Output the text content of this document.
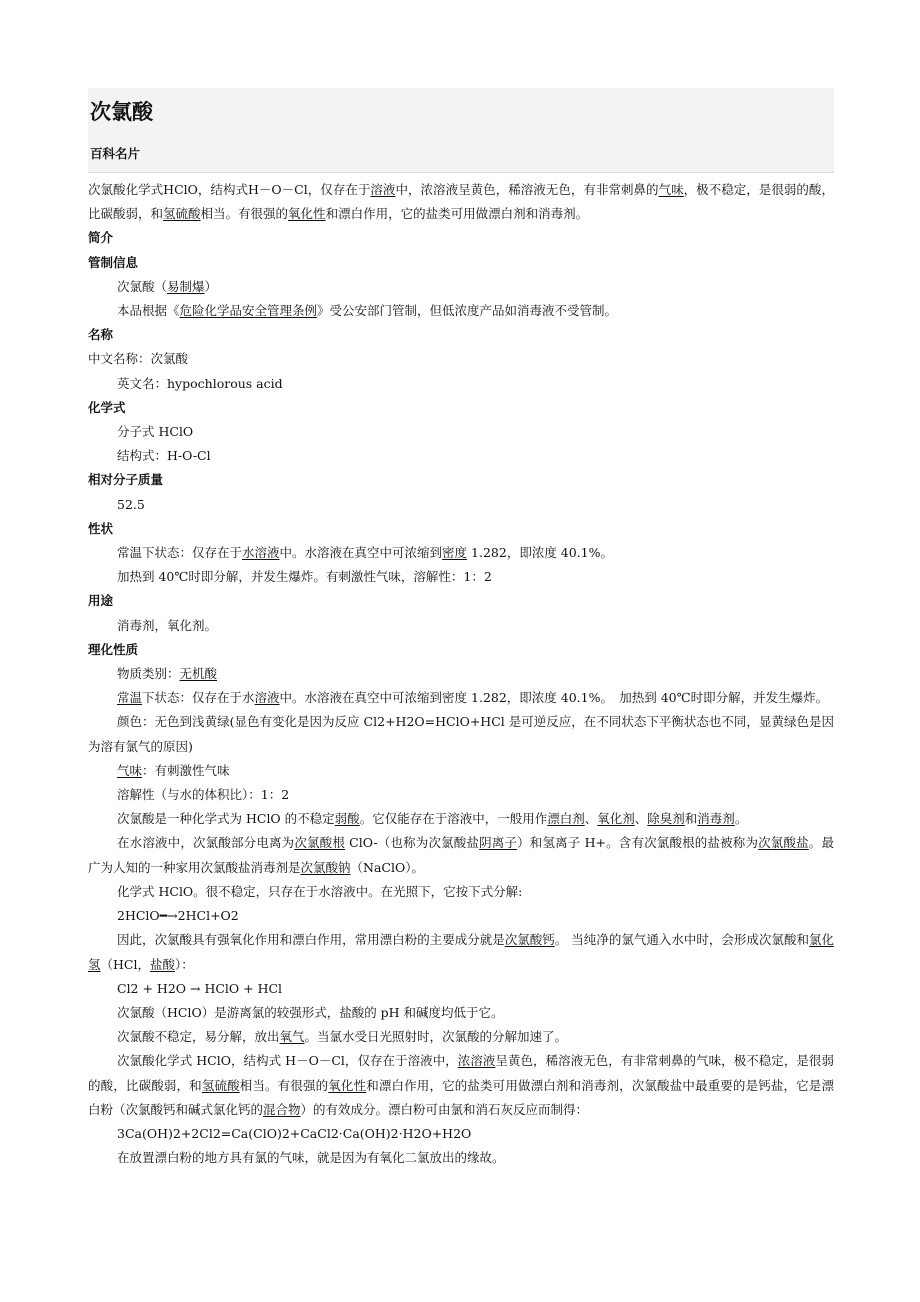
次氯酸
百科名片

次氯酸化学式HClO，结构式H－O－Cl，仅存在于溶液中，浓溶液呈黄色，稀溶液无色，有非常刺鼻的气味，极不稳定，是很弱的酸，比碳酸弱，和氢硫酸相当。有很强的氧化性和漂白作用，它的盐类可用做漂白剂和消毒剂。

简介
管制信息

次氯酸（易制爆）

本品根据《危险化学品安全管理条例》受公安部门管制，但低浓度产品如消毒液不受管制。

名称

中文名称：次氯酸

英文名：hypochlorous acid

化学式

分子式 HClO

结构式：H-O-Cl

相对分子质量

52.5

性状

常温下状态：仅存在于水溶液中。水溶液在真空中可浓缩到密度 1.282，即浓度 40.1%。

加热到 40℃时即分解，并发生爆炸。有刺激性气味，溶解性：1：2

用途

消毒剂，氧化剂。

理化性质

物质类别：无机酸

常温下状态：仅存在于水溶液中。水溶液在真空中可浓缩到密度 1.282，即浓度 40.1%。　加热到 40℃时即分解，并发生爆炸。

颜色：无色到浅黄绿(显色有变化是因为反应 Cl2+H2O=HClO+HCl 是可逆反应，在不同状态下平衡状态也不同，显黄绿色是因为溶有氯气的原因)

气味：有刺激性气味

溶解性（与水的体积比）：1：2

次氯酸是一种化学式为 HClO 的不稳定弱酸。它仅能存在于溶液中，一般用作漂白剂、氧化剂、除臭剂和消毒剂。

在水溶液中，次氯酸部分电离为次氯酸根 ClO-（也称为次氯酸盐阴离子）和氢离子 H+。含有次氯酸根的盐被称为次氯酸盐。最广为人知的一种家用次氯酸盐消毒剂是次氯酸钠（NaClO）。

化学式 HClO。很不稳定，只存在于水溶液中。在光照下，它按下式分解:

2HClO━→2HCl+O2

因此，次氯酸具有强氧化作用和漂白作用，常用漂白粉的主要成分就是次氯酸钙。 当纯净的氯气通入水中时，会形成次氯酸和氯化氢（HCl，盐酸）：

Cl2 + H2O → HClO + HCl

次氯酸（HClO）是游离氯的较强形式，盐酸的 pH 和碱度均低于它。

次氯酸不稳定，易分解，放出氧气。当氯水受日光照射时，次氯酸的分解加速了。

次氯酸化学式 HClO，结构式 H－O－Cl，仅存在于溶液中，浓溶液呈黄色，稀溶液无色，有非常刺鼻的气味，极不稳定，是很弱的酸，比碳酸弱，和氢硫酸相当。有很强的氧化性和漂白作用，它的盐类可用做漂白剂和消毒剂，次氯酸盐中最重要的是钙盐，它是漂白粉（次氯酸钙和碱式氯化钙的混合物）的有效成分。漂白粉可由氯和消石灰反应而制得：

3Ca(OH)2+2Cl2=Ca(ClO)2+CaCl2·Ca(OH)2·H2O+H2O

在放置漂白粉的地方具有氯的气味，就是因为有氧化二氯放出的缘故。
